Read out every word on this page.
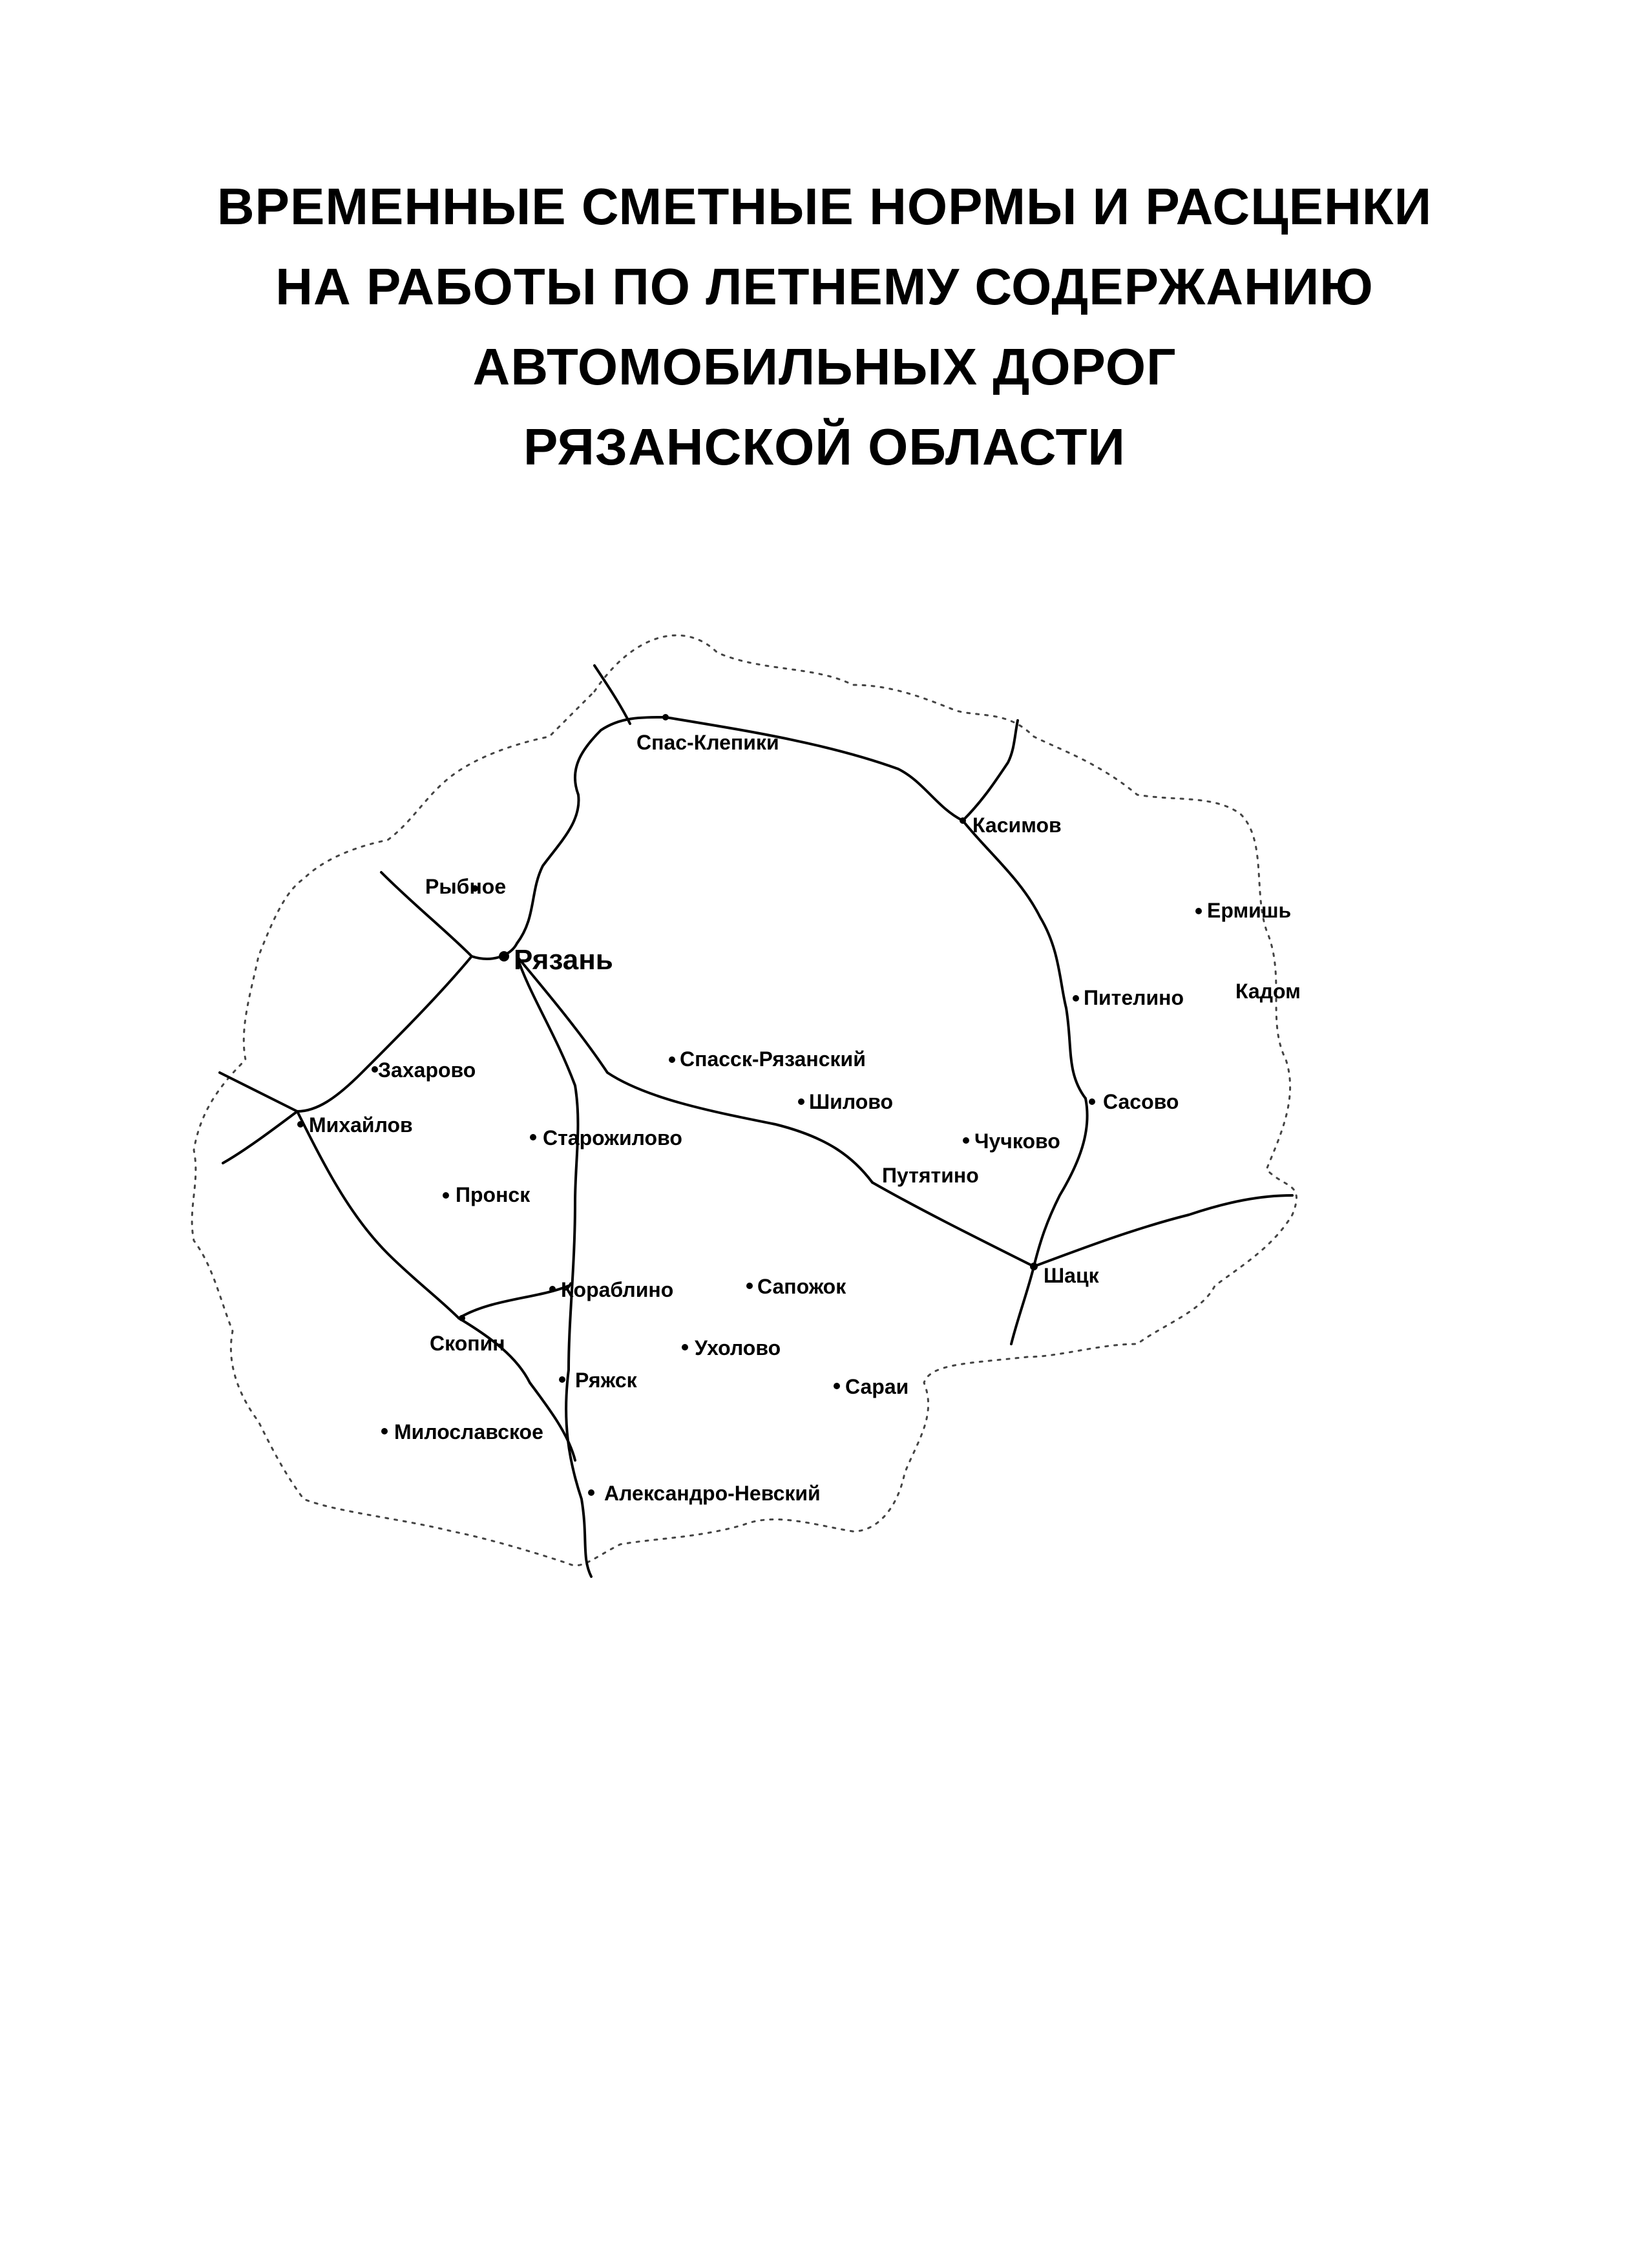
ВРЕМЕННЫЕ СМЕТНЫЕ НОРМЫ И РАСЦЕНКИ
НА РАБОТЫ ПО ЛЕТНЕМУ СОДЕРЖАНИЮ
АВТОМОБИЛЬНЫХ ДОРОГ
РЯЗАНСКОЙ ОБЛАСТИ
Спас-Клепики
Касимов
Рыбное
Рязань
Ермишь
Кадом
Пителино
Захарово	Спасск-Рязанский
Шилово	Сасово
Михайлов
Старожилово	Чучково
Путятино
Пронск
Шацк
Кораблино	Сапожок
Скопин	Ухолово
Ряжск	Сараи
Милославское
Александро-Невский
